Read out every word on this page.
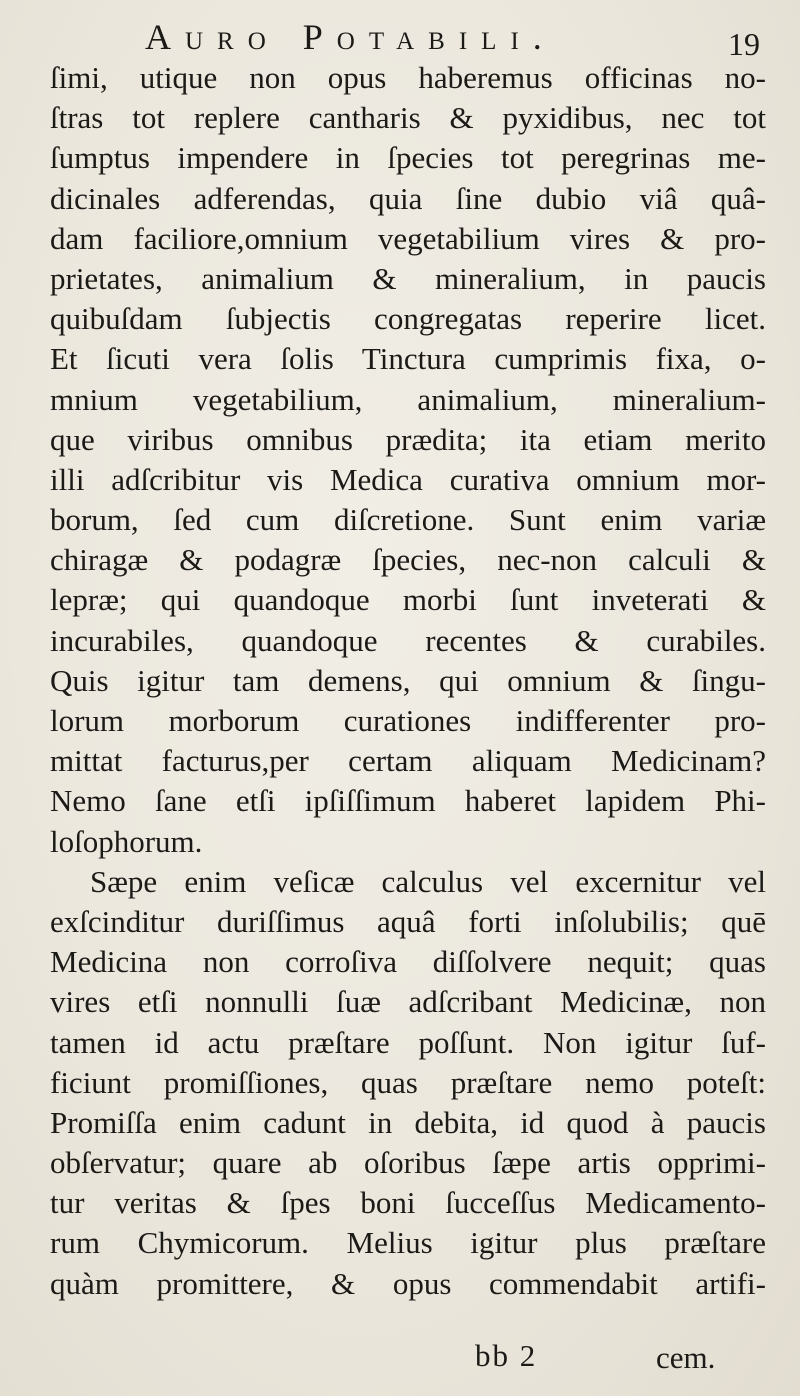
Auro Potabili.	19
ſimi, utique non opus haberemus officinas no-
ſtras tot replere cantharis & pyxidibus, nec tot
ſumptus impendere in ſpecies tot peregrinas me-
dicinales adferendas, quia ſine dubio viâ quâ-
dam faciliore,omnium vegetabilium vires & pro-
prietates, animalium & mineralium, in paucis
quibuſdam ſubjectis congregatas reperire licet.
Et ſicuti vera ſolis Tinctura cumprimis fixa, o-
mnium vegetabilium, animalium, mineralium-
que viribus omnibus prædita; ita etiam merito
illi adſcribitur vis Medica curativa omnium mor-
borum, ſed cum diſcretione. Sunt enim variæ
chiragæ & podagræ ſpecies, nec-non calculi &
lepræ; qui quandoque morbi ſunt inveterati &
incurabiles, quandoque recentes & curabiles.
Quis igitur tam demens, qui omnium & ſingu-
lorum morborum curationes indifferenter pro-
mittat facturus,per certam aliquam Medicinam?
Nemo ſane etſi ipſiſſimum haberet lapidem Phi-
loſophorum.
Sæpe enim veſicæ calculus vel excernitur vel
exſcinditur duriſſimus aquâ forti inſolubilis; quē
Medicina non corroſiva diſſolvere nequit; quas
vires etſi nonnulli ſuæ adſcribant Medicinæ, non
tamen id actu præſtare poſſunt. Non igitur ſuf-
ficiunt promiſſiones, quas præſtare nemo poteſt:
Promiſſa enim cadunt in debita, id quod à paucis
obſervatur; quare ab oſoribus ſæpe artis opprimi-
tur veritas & ſpes boni ſucceſſus Medicamento-
rum Chymicorum. Melius igitur plus præſtare
quàm promittere, & opus commendabit artifi-
bb 2	cem.
